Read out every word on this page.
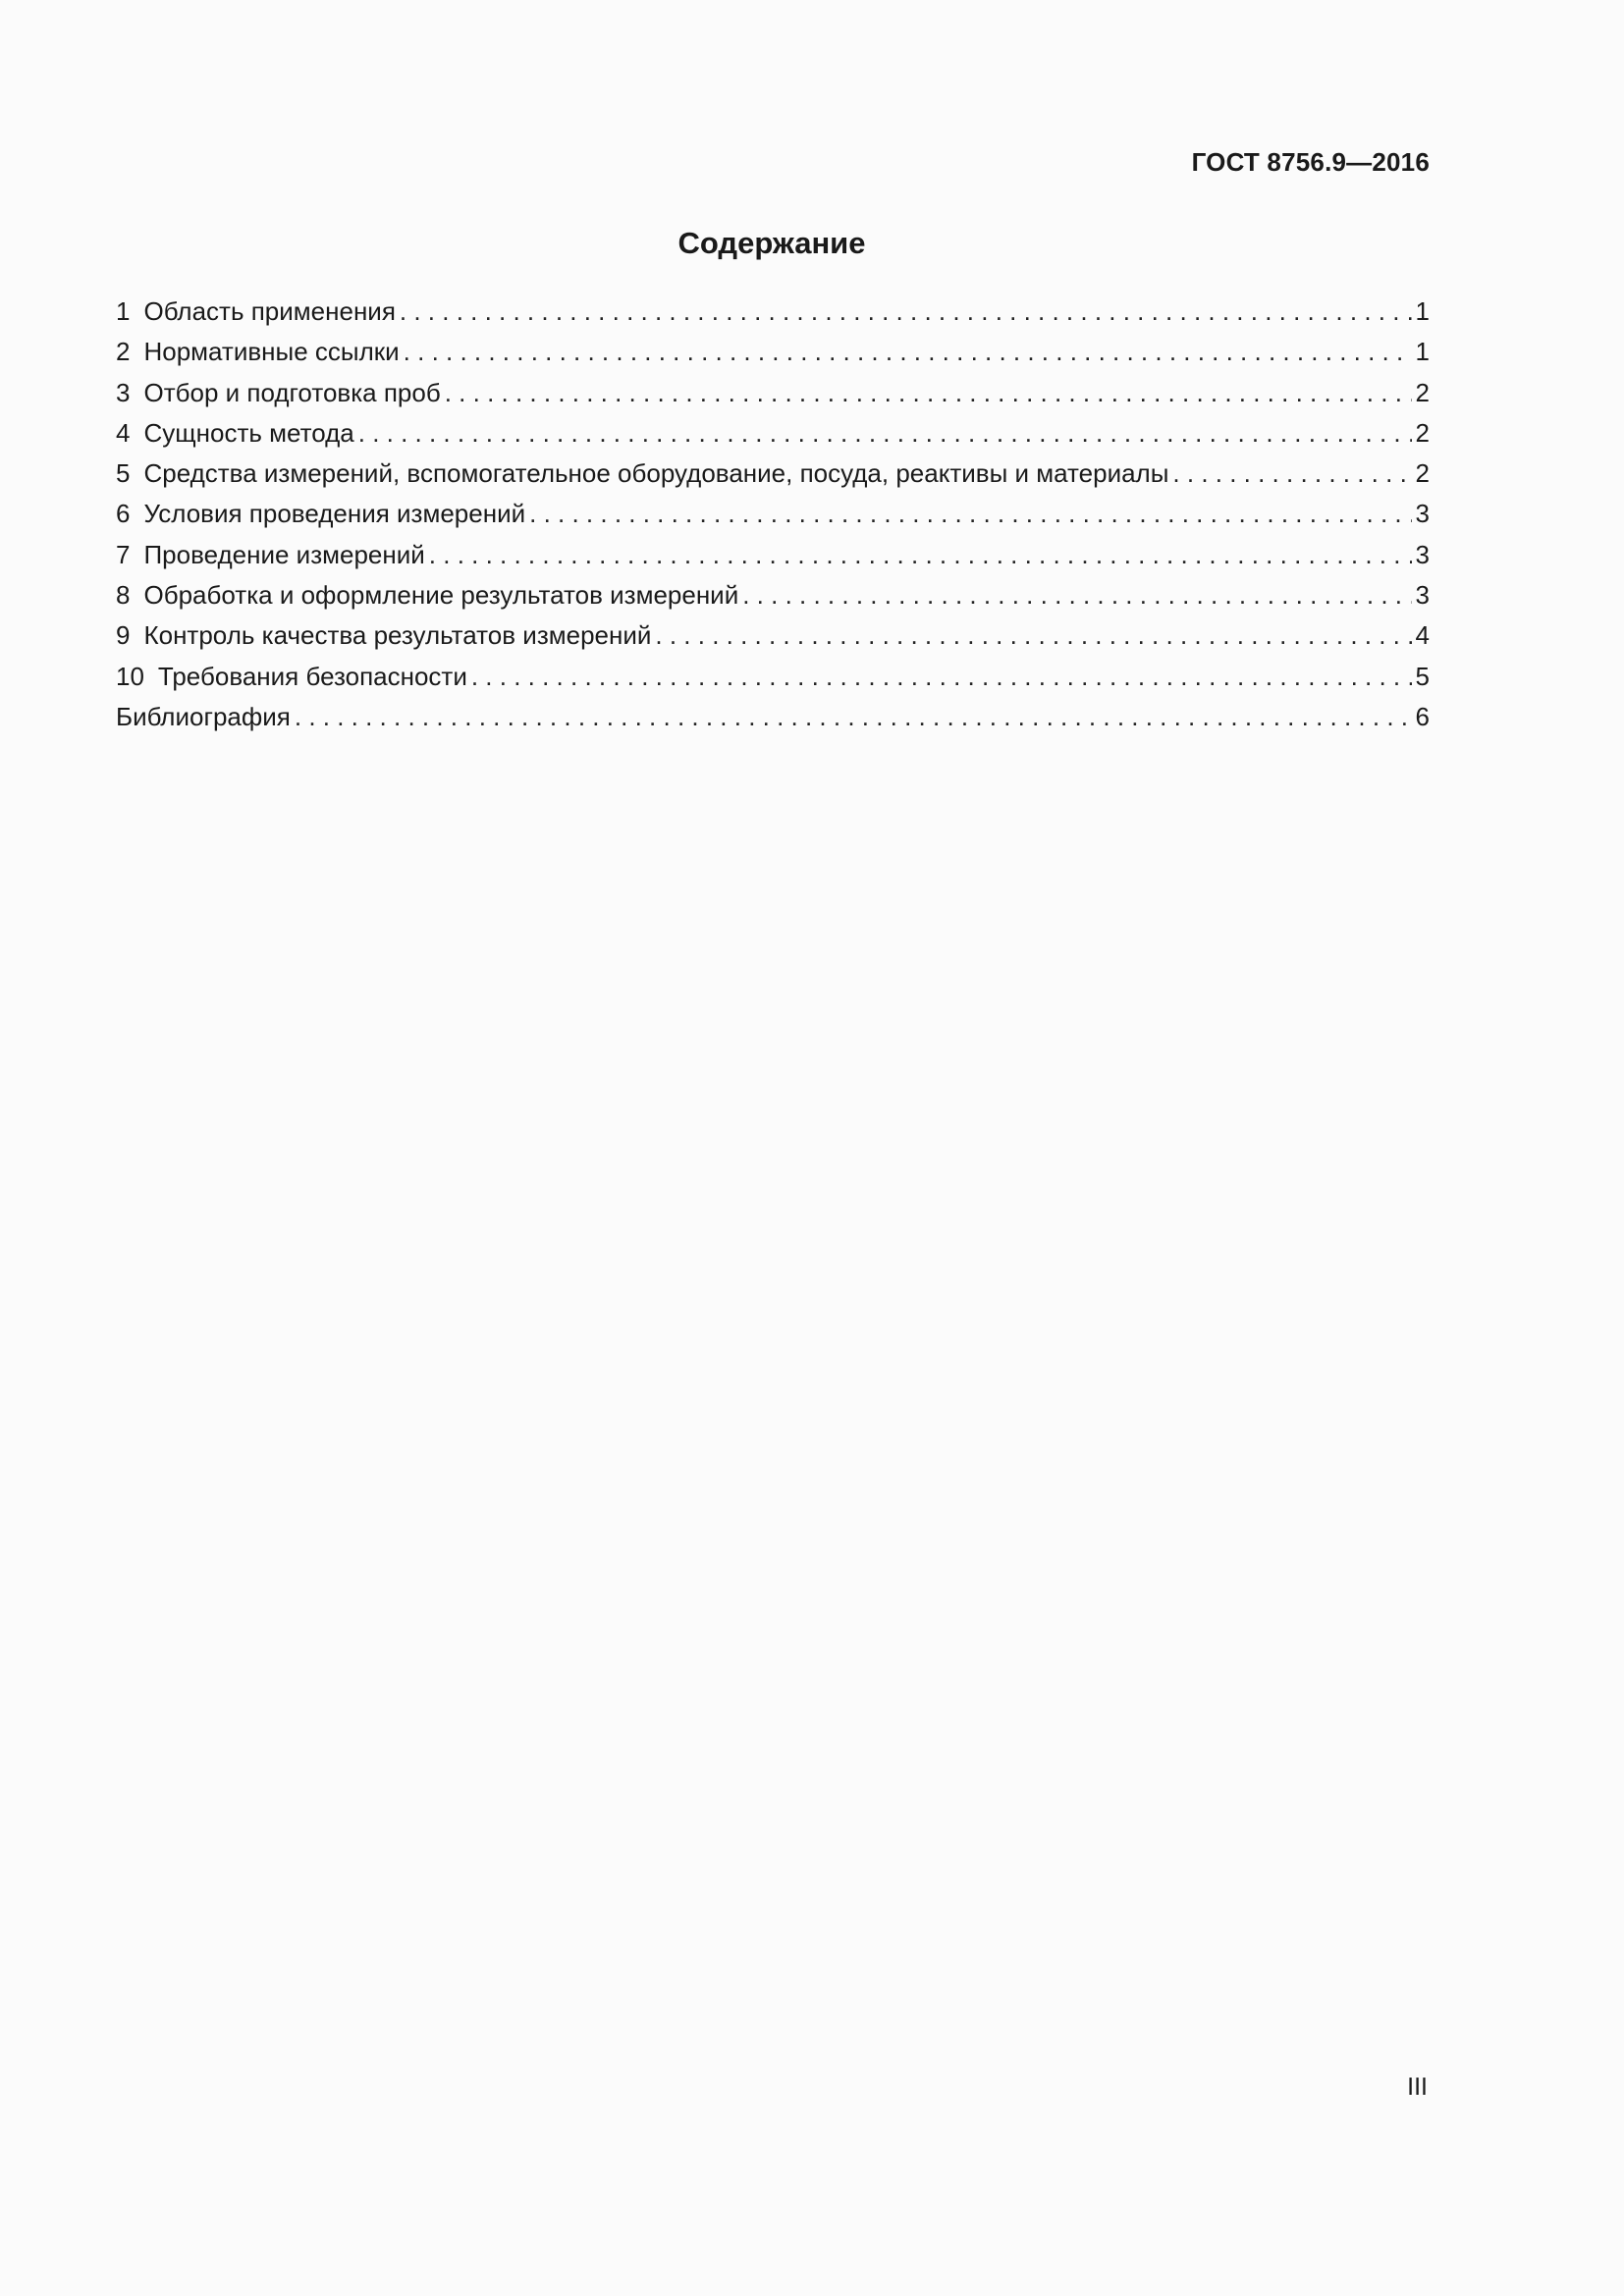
ГОСТ 8756.9—2016
Содержание
1 Область применения . . .	1
2 Нормативные ссылки . . .	1
3 Отбор и подготовка проб . . .	2
4 Сущность метода . . .	2
5 Средства измерений, вспомогательное оборудование, посуда, реактивы и материалы . . .	2
6 Условия проведения измерений . . .	3
7 Проведение измерений . . .	3
8 Обработка и оформление результатов измерений . . .	3
9 Контроль качества результатов измерений . . .	4
10 Требования безопасности . . .	5
Библиография . . .	6
III
